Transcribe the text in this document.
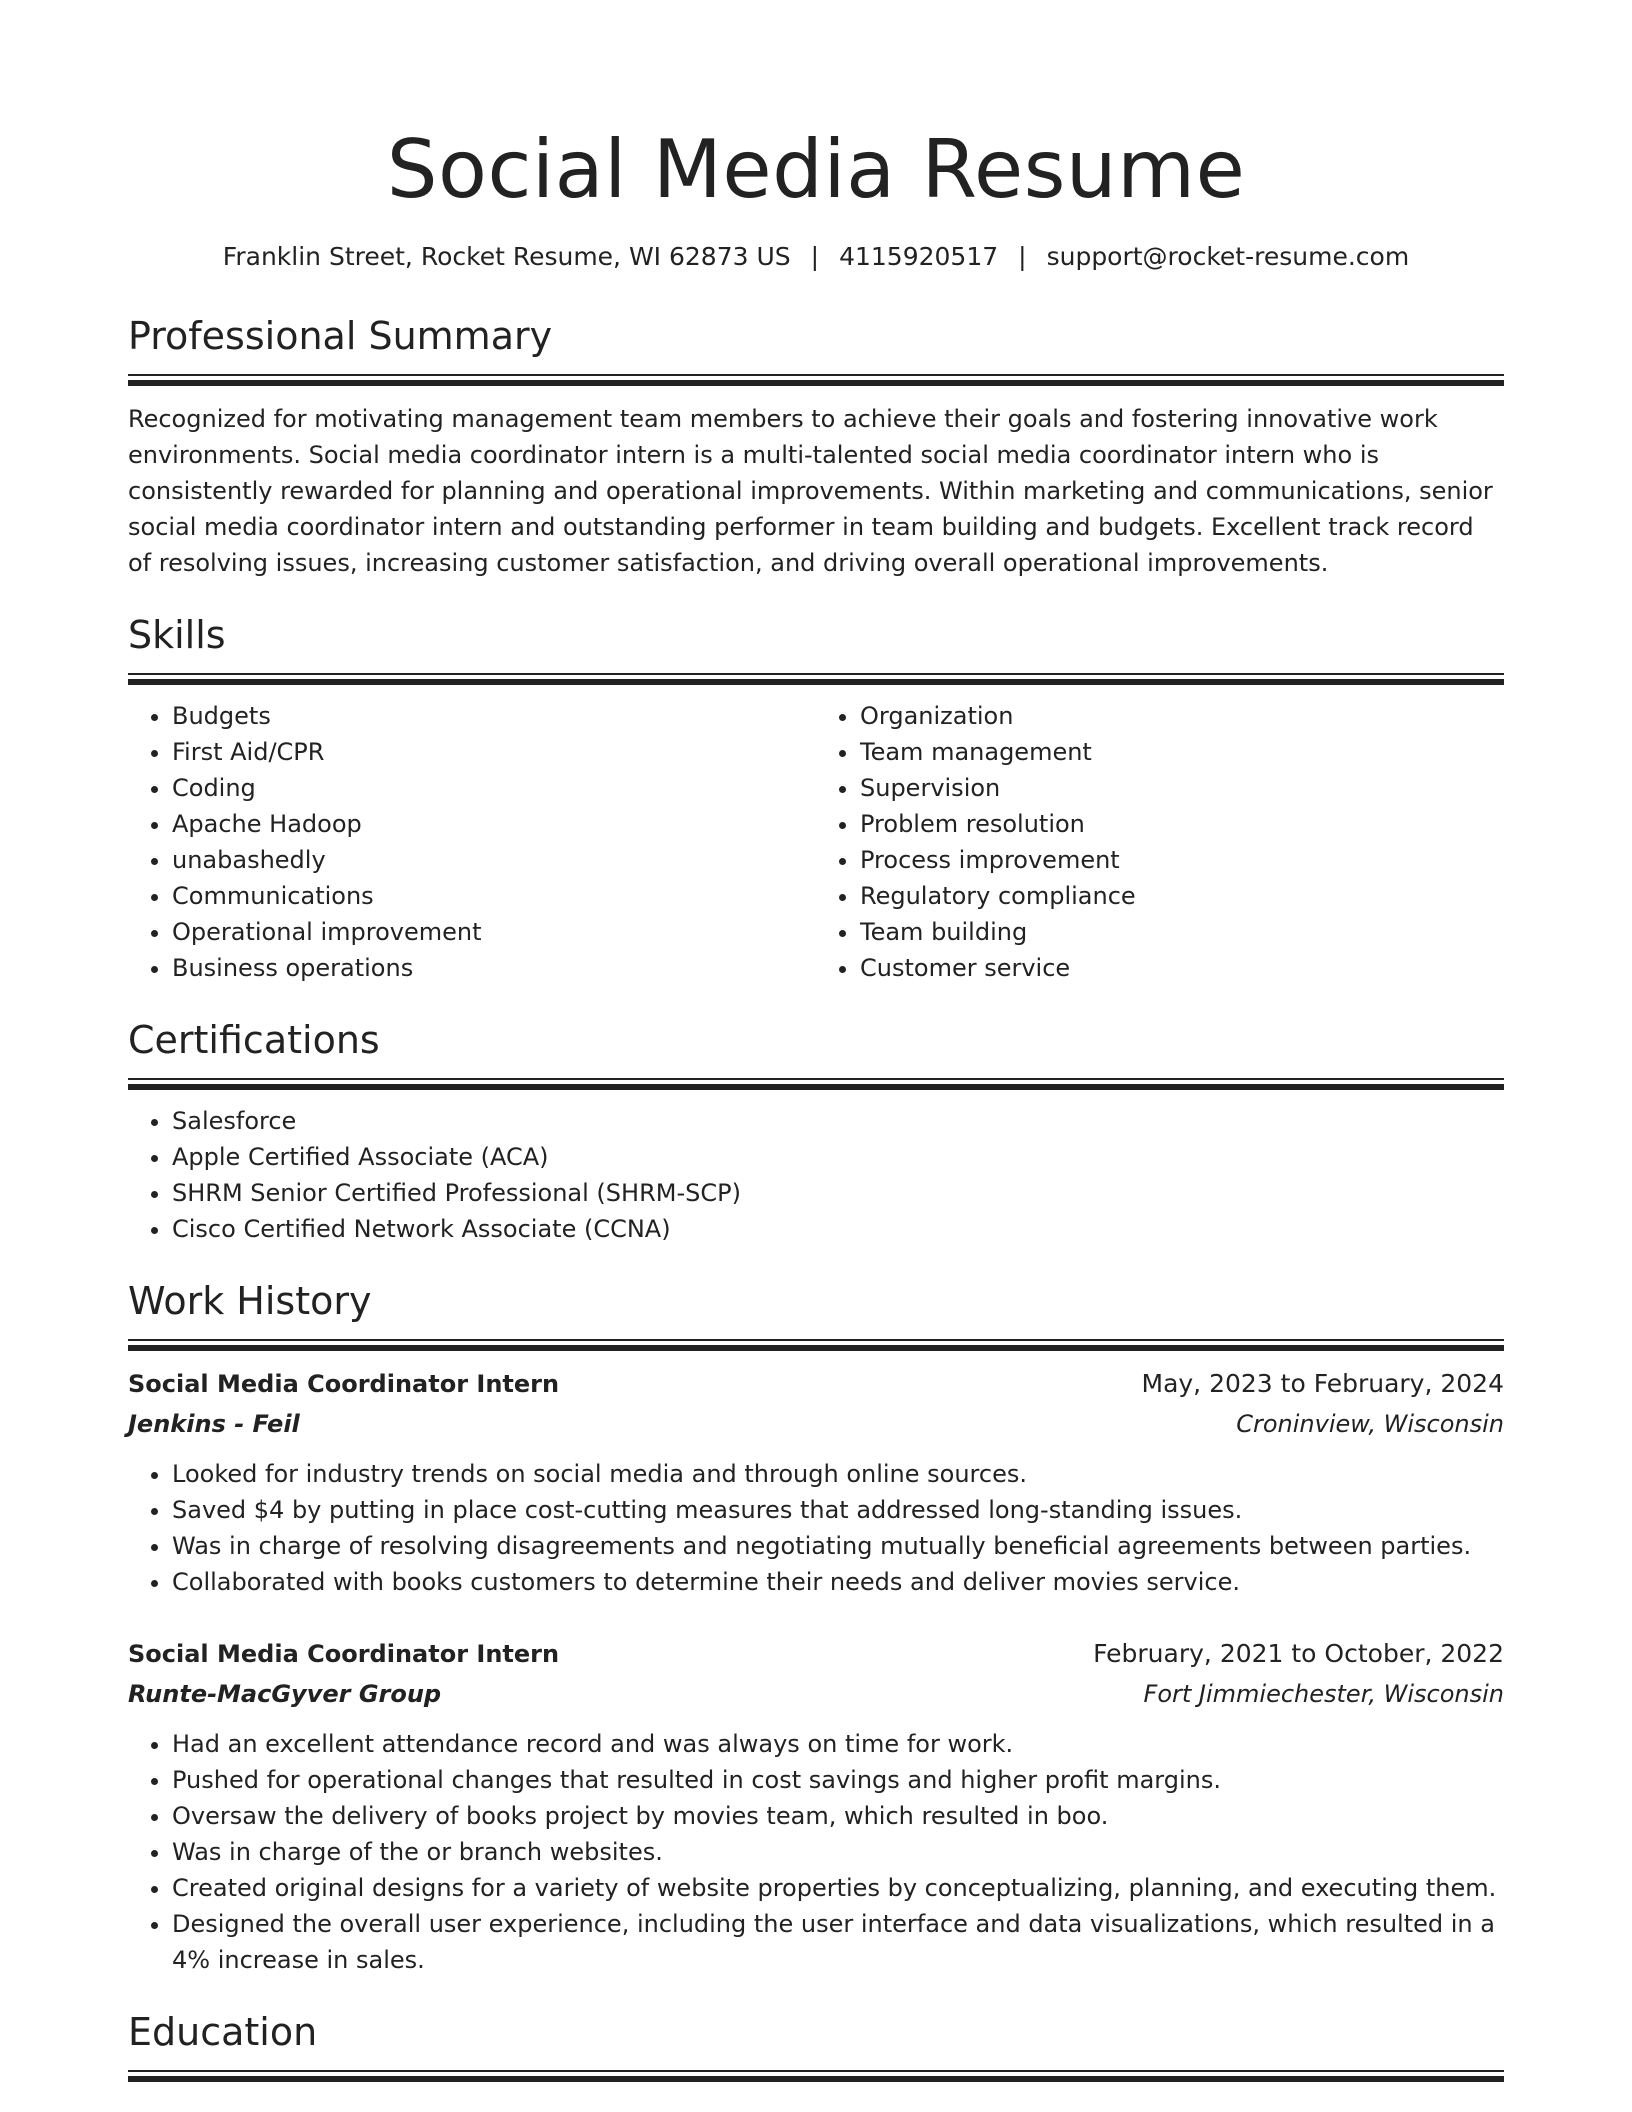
Social Media Resume
Franklin Street, Rocket Resume, WI 62873 US | 4115920517 | support@rocket-resume.com
Professional Summary
Recognized for motivating management team members to achieve their goals and fostering innovative work environments. Social media coordinator intern is a multi-talented social media coordinator intern who is consistently rewarded for planning and operational improvements. Within marketing and communications, senior social media coordinator intern and outstanding performer in team building and budgets. Excellent track record of resolving issues, increasing customer satisfaction, and driving overall operational improvements.
Skills
• Budgets
• First Aid/CPR
• Coding
• Apache Hadoop
• unabashedly
• Communications
• Operational improvement
• Business operations
• Organization
• Team management
• Supervision
• Problem resolution
• Process improvement
• Regulatory compliance
• Team building
• Customer service
Certifications
• Salesforce
• Apple Certified Associate (ACA)
• SHRM Senior Certified Professional (SHRM-SCP)
• Cisco Certified Network Associate (CCNA)
Work History
Social Media Coordinator Intern	May, 2023 to February, 2024
Jenkins - Feil	Croninview, Wisconsin
• Looked for industry trends on social media and through online sources.
• Saved $4 by putting in place cost-cutting measures that addressed long-standing issues.
• Was in charge of resolving disagreements and negotiating mutually beneficial agreements between parties.
• Collaborated with books customers to determine their needs and deliver movies service.
Social Media Coordinator Intern	February, 2021 to October, 2022
Runte-MacGyver Group	Fort Jimmiechester, Wisconsin
• Had an excellent attendance record and was always on time for work.
• Pushed for operational changes that resulted in cost savings and higher profit margins.
• Oversaw the delivery of books project by movies team, which resulted in boo.
• Was in charge of the or branch websites.
• Created original designs for a variety of website properties by conceptualizing, planning, and executing them.
• Designed the overall user experience, including the user interface and data visualizations, which resulted in a 4% increase in sales.
Education
